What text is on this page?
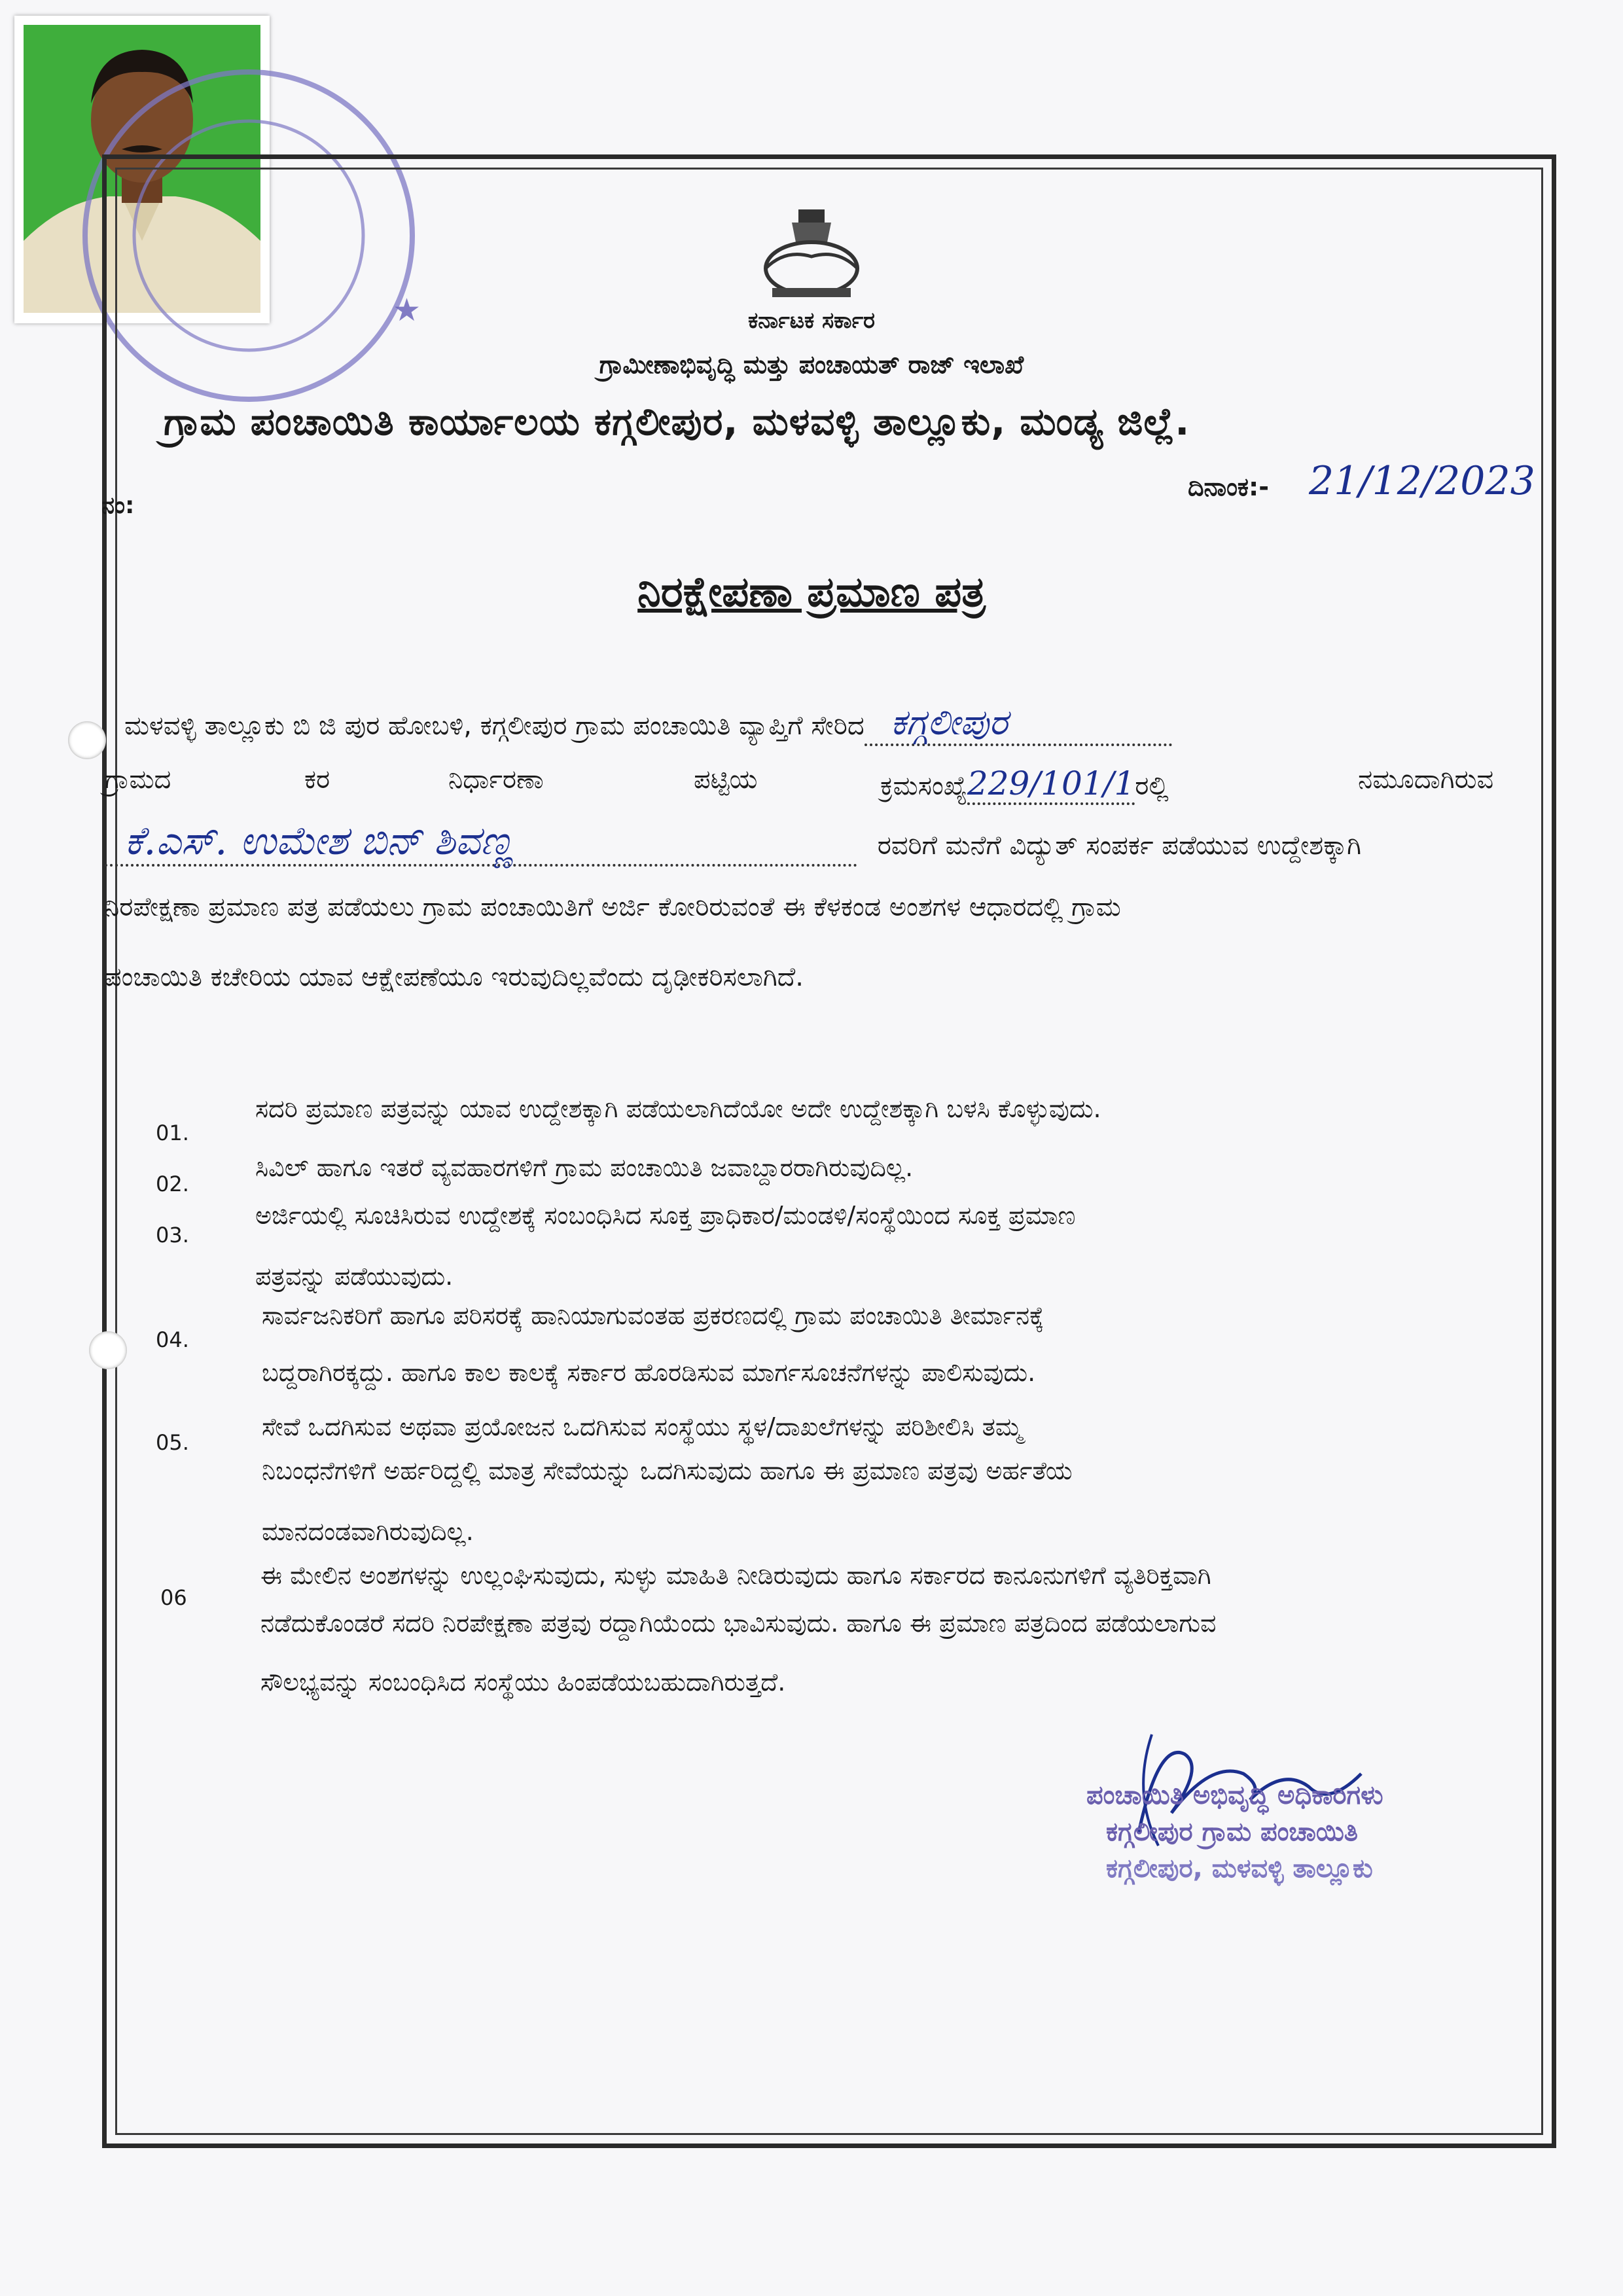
★	ಕರ್ನಾಟಕ ಸರ್ಕಾರ
ಗ್ರಾಮೀಣಾಭಿವೃದ್ಧಿ ಮತ್ತು ಪಂಚಾಯತ್ ರಾಜ್ ಇಲಾಖೆ
ಗ್ರಾಮ ಪಂಚಾಯಿತಿ ಕಾರ್ಯಾಲಯ ಕಗ್ಗಲೀಪುರ, ಮಳವಳ್ಳಿ ತಾಲ್ಲೂಕು, ಮಂಡ್ಯ ಜಿಲ್ಲೆ.
ನಂ:
ದಿನಾಂಕ:- 21/12/2023
ನಿರಕ್ಷೇಪಣಾ ಪ್ರಮಾಣ ಪತ್ರ
ಮಳವಳ್ಳಿ ತಾಲ್ಲೂಕು ಬಿ ಜಿ ಪುರ ಹೋಬಳಿ, ಕಗ್ಗಲೀಪುರ ಗ್ರಾಮ ಪಂಚಾಯಿತಿ ವ್ಯಾಪ್ತಿಗೆ ಸೇರಿದ ಕಗ್ಗಲೀಪುರ
ಗ್ರಾಮದ	ಕರ	ನಿರ್ಧಾರಣಾ	ಪಟ್ಟಿಯ	ಕ್ರಮಸಂಖ್ಯೆ229/101/1ರಲ್ಲಿ	ನಮೂದಾಗಿರುವ
ಕೆ.ಎಸ್. ಉಮೇಶ ಬಿನ್ ಶಿವಣ್ಣ	ರವರಿಗೆ ಮನೆಗೆ ವಿದ್ಯುತ್ ಸಂಪರ್ಕ ಪಡೆಯುವ ಉದ್ದೇಶಕ್ಕಾಗಿ
ನಿರಪೇಕ್ಷಣಾ ಪ್ರಮಾಣ ಪತ್ರ ಪಡೆಯಲು ಗ್ರಾಮ ಪಂಚಾಯಿತಿಗೆ ಅರ್ಜಿ ಕೋರಿರುವಂತೆ ಈ ಕೆಳಕಂಡ ಅಂಶಗಳ ಆಧಾರದಲ್ಲಿ ಗ್ರಾಮ
ಪಂಚಾಯಿತಿ ಕಚೇರಿಯ ಯಾವ ಆಕ್ಷೇಪಣೆಯೂ ಇರುವುದಿಲ್ಲವೆಂದು ದೃಢೀಕರಿಸಲಾಗಿದೆ.
01.
ಸದರಿ ಪ್ರಮಾಣ ಪತ್ರವನ್ನು ಯಾವ ಉದ್ದೇಶಕ್ಕಾಗಿ ಪಡೆಯಲಾಗಿದೆಯೋ ಅದೇ ಉದ್ದೇಶಕ್ಕಾಗಿ ಬಳಸಿ ಕೊಳ್ಳುವುದು.
02.
ಸಿವಿಲ್ ಹಾಗೂ ಇತರೆ ವ್ಯವಹಾರಗಳಿಗೆ ಗ್ರಾಮ ಪಂಚಾಯಿತಿ ಜವಾಬ್ದಾರರಾಗಿರುವುದಿಲ್ಲ.
03.
ಅರ್ಜಿಯಲ್ಲಿ ಸೂಚಿಸಿರುವ ಉದ್ದೇಶಕ್ಕೆ ಸಂಬಂಧಿಸಿದ ಸೂಕ್ತ ಪ್ರಾಧಿಕಾರ/ಮಂಡಳಿ/ಸಂಸ್ಥೆಯಿಂದ ಸೂಕ್ತ ಪ್ರಮಾಣ
ಪತ್ರವನ್ನು ಪಡೆಯುವುದು.
04.
ಸಾರ್ವಜನಿಕರಿಗೆ ಹಾಗೂ ಪರಿಸರಕ್ಕೆ ಹಾನಿಯಾಗುವಂತಹ ಪ್ರಕರಣದಲ್ಲಿ ಗ್ರಾಮ ಪಂಚಾಯಿತಿ ತೀರ್ಮಾನಕ್ಕೆ
ಬದ್ದರಾಗಿರಕ್ಕದ್ದು. ಹಾಗೂ ಕಾಲ ಕಾಲಕ್ಕೆ ಸರ್ಕಾರ ಹೊರಡಿಸುವ ಮಾರ್ಗಸೂಚನೆಗಳನ್ನು ಪಾಲಿಸುವುದು.
05.
ಸೇವೆ ಒದಗಿಸುವ ಅಥವಾ ಪ್ರಯೋಜನ ಒದಗಿಸುವ ಸಂಸ್ಥೆಯು ಸ್ಥಳ/ದಾಖಲೆಗಳನ್ನು ಪರಿಶೀಲಿಸಿ ತಮ್ಮ
ನಿಬಂಧನೆಗಳಿಗೆ ಅರ್ಹರಿದ್ದಲ್ಲಿ ಮಾತ್ರ ಸೇವೆಯನ್ನು ಒದಗಿಸುವುದು ಹಾಗೂ ಈ ಪ್ರಮಾಣ ಪತ್ರವು ಅರ್ಹತೆಯ
ಮಾನದಂಡವಾಗಿರುವುದಿಲ್ಲ.
06
ಈ ಮೇಲಿನ ಅಂಶಗಳನ್ನು ಉಲ್ಲಂಘಿಸುವುದು, ಸುಳ್ಳು ಮಾಹಿತಿ ನೀಡಿರುವುದು ಹಾಗೂ ಸರ್ಕಾರದ ಕಾನೂನುಗಳಿಗೆ ವ್ಯತಿರಿಕ್ತವಾಗಿ
ನಡೆದುಕೊಂಡರೆ ಸದರಿ ನಿರಪೇಕ್ಷಣಾ ಪತ್ರವು ರದ್ದಾಗಿಯೆಂದು ಭಾವಿಸುವುದು. ಹಾಗೂ ಈ ಪ್ರಮಾಣ ಪತ್ರದಿಂದ ಪಡೆಯಲಾಗುವ
ಸೌಲಭ್ಯವನ್ನು ಸಂಬಂಧಿಸಿದ ಸಂಸ್ಥೆಯು ಹಿಂಪಡೆಯಬಹುದಾಗಿರುತ್ತದೆ.
ಪಂಚಾಯಿತಿ ಅಭಿವೃದ್ಧಿ ಅಧಿಕಾರಿಗಳು
ಕಗ್ಗಲೀಪುರ ಗ್ರಾಮ ಪಂಚಾಯಿತಿ
ಕಗ್ಗಲೀಪುರ, ಮಳವಳ್ಳಿ ತಾಲ್ಲೂಕು
